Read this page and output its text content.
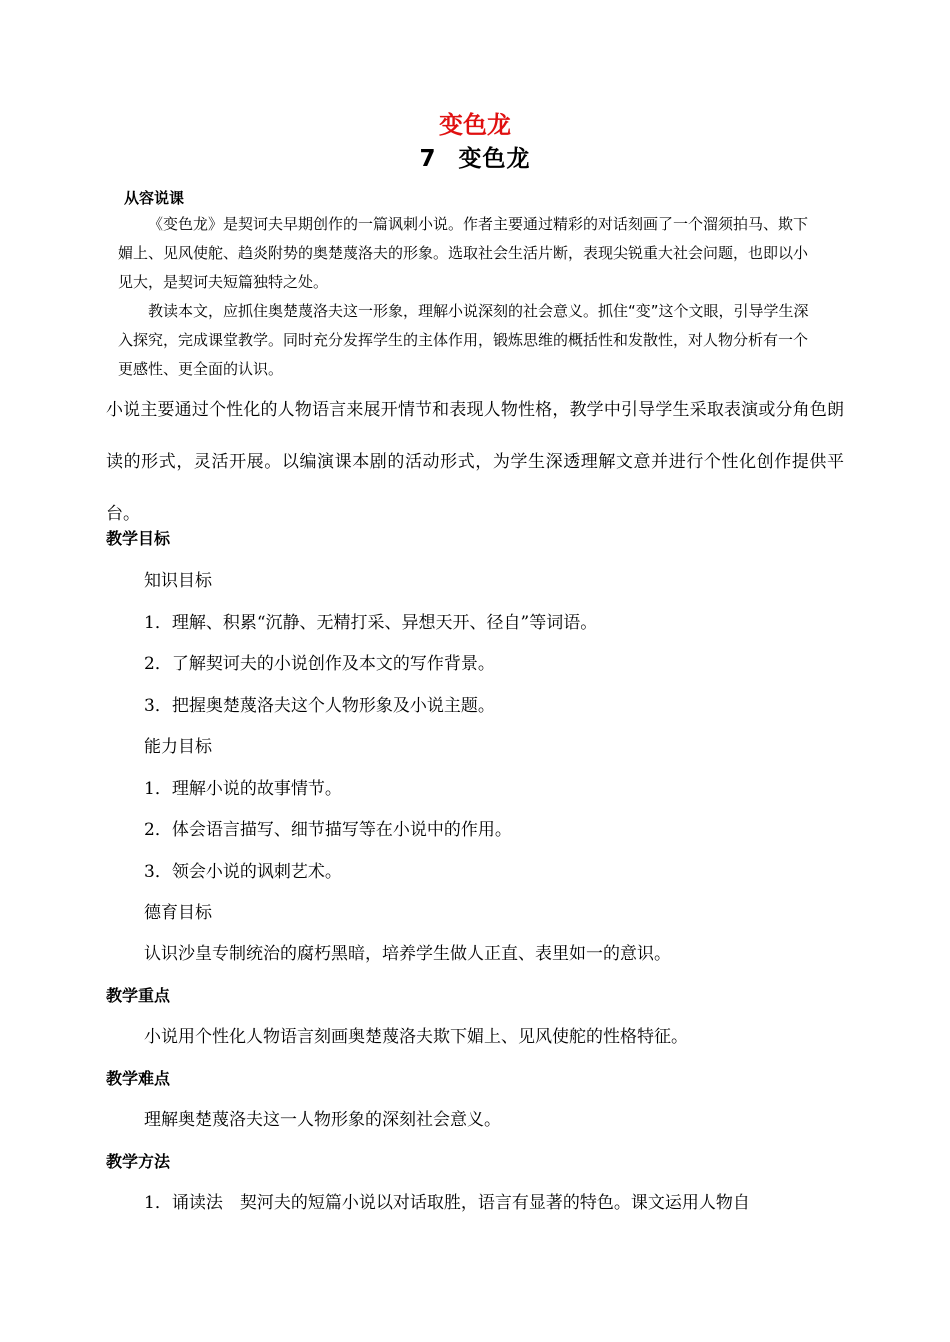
变色龙
7 变色龙
从容说课

《变色龙》是契诃夫早期创作的一篇讽刺小说。作者主要通过精彩的对话刻画了一个溜须拍马、欺下媚上、见风使舵、趋炎附势的奥楚蔑洛夫的形象。选取社会生活片断，表现尖锐重大社会问题，也即以小见大，是契诃夫短篇独特之处。

教读本文，应抓住奥楚蔑洛夫这一形象，理解小说深刻的社会意义。抓住“变”这个文眼，引导学生深入探究，完成课堂教学。同时充分发挥学生的主体作用，锻炼思维的概括性和发散性，对人物分析有一个更感性、更全面的认识。

小说主要通过个性化的人物语言来展开情节和表现人物性格，教学中引导学生采取表演或分角色朗读的形式，灵活开展。以编演课本剧的活动形式，为学生深透理解文意并进行个性化创作提供平台。
教学目标
知识目标
1．理解、积累“沉静、无精打采、异想天开、径自”等词语。
2．了解契诃夫的小说创作及本文的写作背景。
3．把握奥楚蔑洛夫这个人物形象及小说主题。
能力目标
1．理解小说的故事情节。
2．体会语言描写、细节描写等在小说中的作用。
3．领会小说的讽刺艺术。
德育目标
认识沙皇专制统治的腐朽黑暗，培养学生做人正直、表里如一的意识。
教学重点
小说用个性化人物语言刻画奥楚蔑洛夫欺下媚上、见风使舵的性格特征。
教学难点
理解奥楚蔑洛夫这一人物形象的深刻社会意义。
教学方法
1．诵读法　契河夫的短篇小说以对话取胜，语言有显著的特色。课文运用人物自
